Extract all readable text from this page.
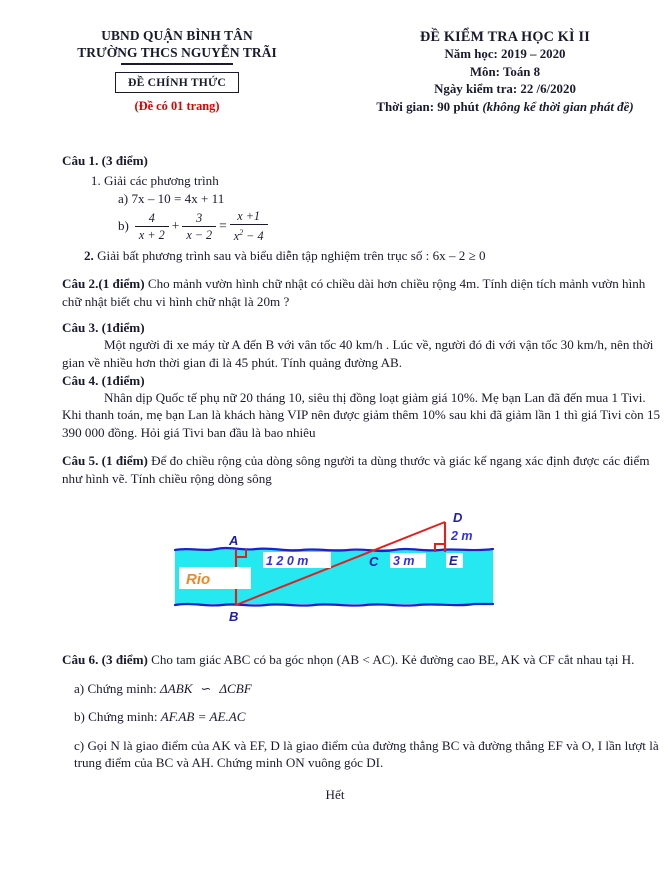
UBND QUẬN BÌNH TÂN
TRƯỜNG THCS NGUYỄN TRÃI
ĐỀ CHÍNH THỨC
(Đề có 01 trang)
ĐỀ KIỂM TRA HỌC KÌ II
Năm học: 2019 – 2020
Môn: Toán 8
Ngày kiểm tra: 22 /6/2020
Thời gian: 90 phút (không kể thời gian phát đề)
Câu 1. (3 điểm)
1. Giải các phương trình
a) 7x – 10 = 4x + 11
$b) \frac{4}{x + 2} + \frac{3}{x - 2} = \frac{x +1}{x^2 - 4}$
2. Giải bất phương trình sau và biểu diễn tập nghiệm trên trục số : 6x – 2 ≥ 0
Câu 2.(1 điểm) Cho mảnh vườn hình chữ nhật có chiều dài hơn chiều rộng 4m. Tính diện tích mảnh vườn hình chữ nhật biết chu vi hình chữ nhật là 20m ?
Câu 3. (1điểm)
Một người đi xe máy từ A đến B với vân tốc 40 km/h . Lúc về, người đó đi với vận tốc 30 km/h, nên thời gian về nhiều hơn thời gian đi là 45 phút. Tính quảng đường AB.
Câu 4. (1điểm)
Nhân dịp Quốc tế phụ nữ 20 tháng 10, siêu thị đồng loạt giảm giá 10%. Mẹ bạn Lan đã đến mua 1 Tivi. Khi thanh toán, mẹ bạn Lan là khách hàng VIP nên được giảm thêm 10% sau khi đã giảm lần 1 thì giá Tivi còn 15 390 000 đồng. Hỏi giá Tivi ban đầu là bao nhiêu
Câu 5. (1 điểm) Để đo chiều rộng của dòng sông người ta dùng thước và giác kế ngang xác định được các điểm như hình vẽ. Tính chiều rộng dòng sông
Rio
1 2 0 m	3 m
2 m
A
B
C
D
E
Câu 6. (3 điểm) Cho tam giác ABC có ba góc nhọn (AB < AC). Kẻ đường cao BE, AK và CF cắt nhau tại H.
a) Chứng minh: ΔABK ∽ ΔCBF
b) Chứng minh: AF.AB = AE.AC
c) Gọi N là giao điểm của AK và EF, D là giao điểm của đường thẳng BC và đường thẳng EF và O, I lần lượt là trung điểm của BC và AH. Chứng minh ON vuông góc DI.
Hết
